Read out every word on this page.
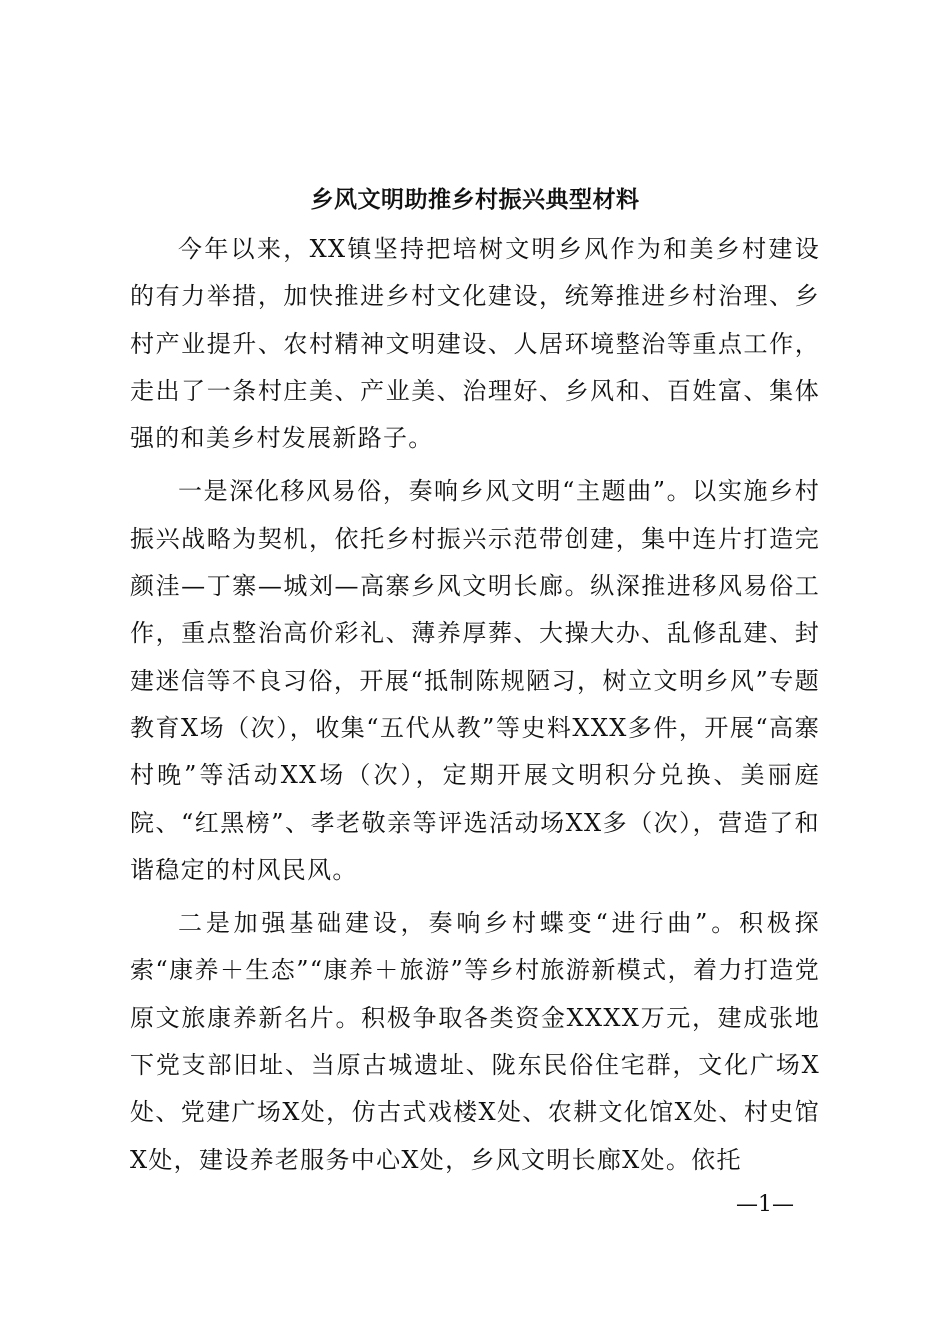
乡风文明助推乡村振兴典型材料

今年以来，XX镇坚持把培树文明乡风作为和美乡村建设的有力举措，加快推进乡村文化建设，统筹推进乡村治理、乡村产业提升、农村精神文明建设、人居环境整治等重点工作，走出了一条村庄美、产业美、治理好、乡风和、百姓富、集体强的和美乡村发展新路子。

一是深化移风易俗，奏响乡风文明“主题曲”。以实施乡村振兴战略为契机，依托乡村振兴示范带创建，集中连片打造完颜洼—丁寨—城刘—高寨乡风文明长廊。纵深推进移风易俗工作，重点整治高价彩礼、薄养厚葬、大操大办、乱修乱建、封建迷信等不良习俗，开展“抵制陈规陋习，树立文明乡风”专题教育X场（次），收集“五代从教”等史料XXX多件，开展“高寨村晚”等活动XX场（次），定期开展文明积分兑换、美丽庭院、“红黑榜”、孝老敬亲等评选活动场XX多（次），营造了和谐稳定的村风民风。

二是加强基础建设，奏响乡村蝶变“进行曲”。积极探索“康养＋生态”“康养＋旅游”等乡村旅游新模式，着力打造党原文旅康养新名片。积极争取各类资金XXXX万元，建成张地下党支部旧址、当原古城遗址、陇东民俗住宅群，文化广场X处、党建广场X处，仿古式戏楼X处、农耕文化馆X处、村史馆X处，建设养老服务中心X处，乡风文明长廊X处。依托

—1—
